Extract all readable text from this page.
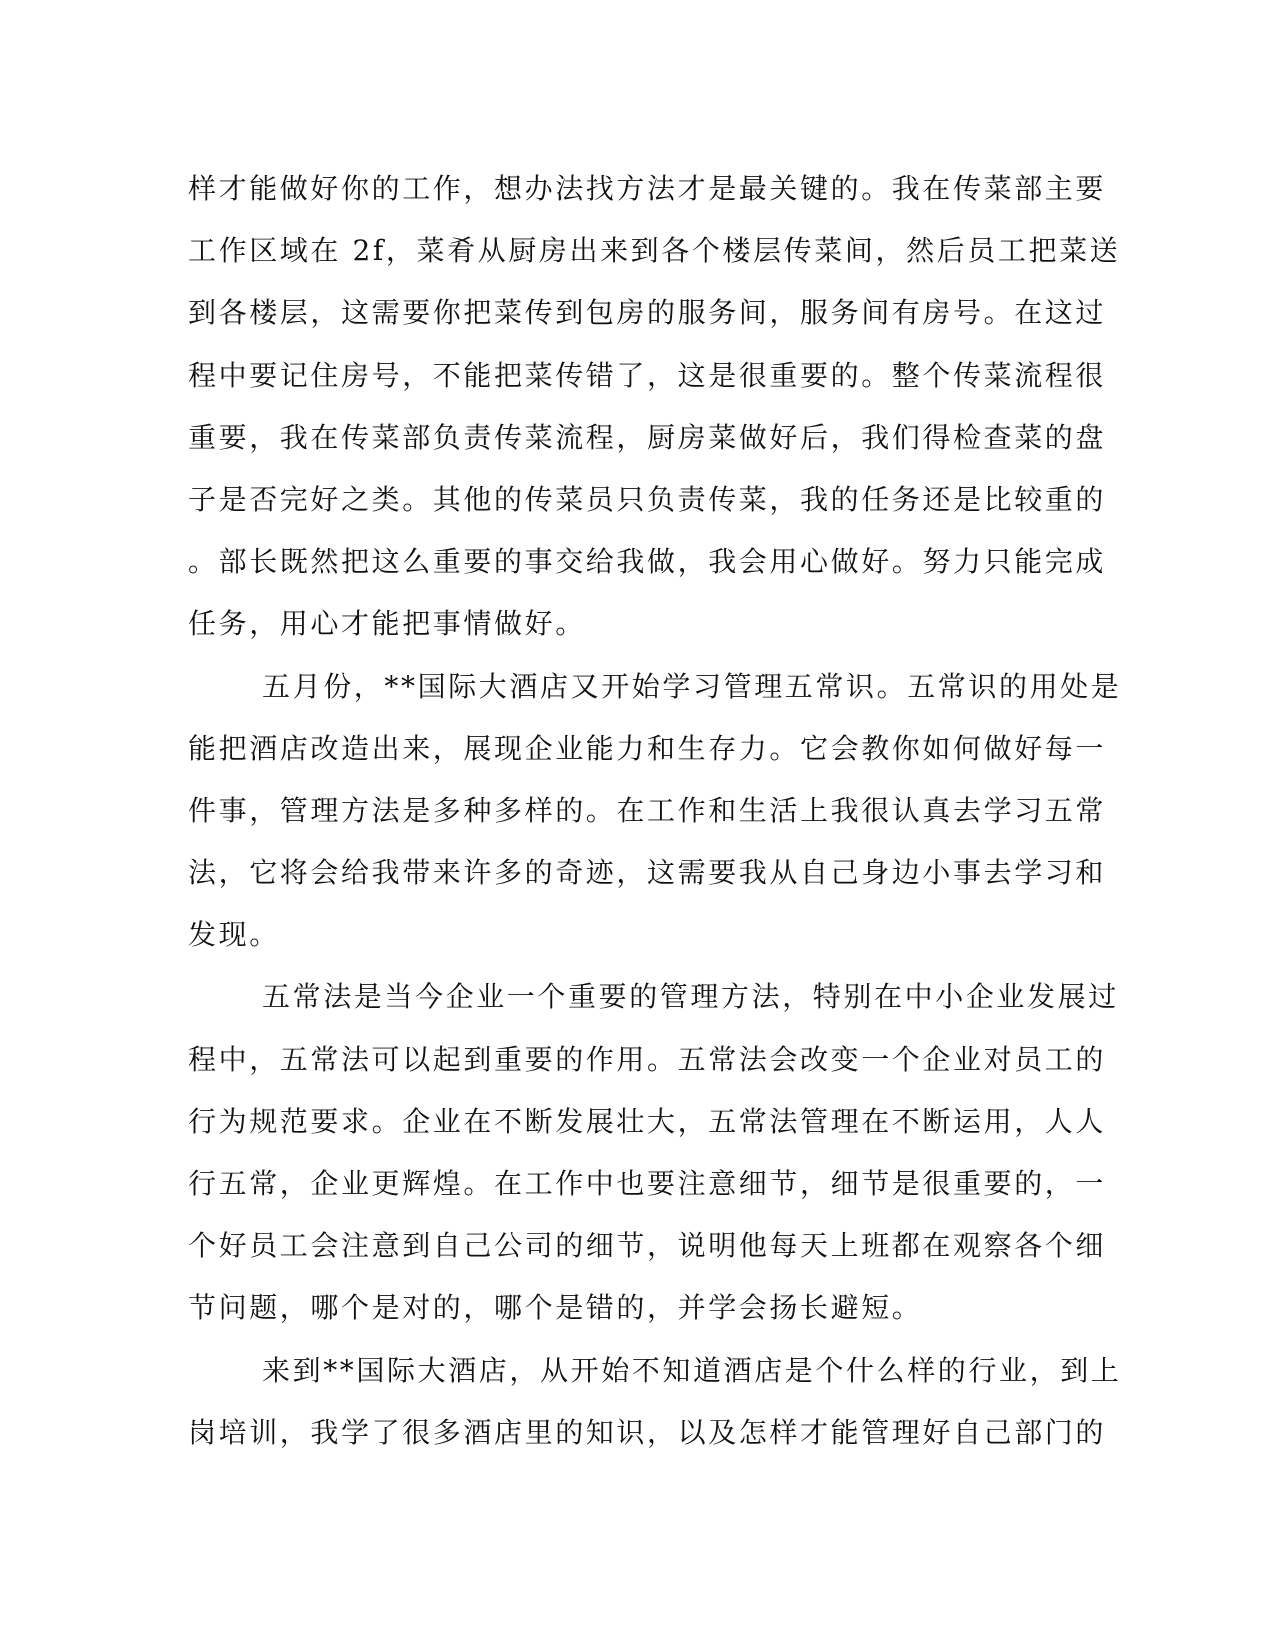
样才能做好你的工作，想办法找方法才是最关键的。我在传菜部主要
工作区域在 2f，菜肴从厨房出来到各个楼层传菜间，然后员工把菜送
到各楼层，这需要你把菜传到包房的服务间，服务间有房号。在这过
程中要记住房号，不能把菜传错了，这是很重要的。整个传菜流程很
重要，我在传菜部负责传菜流程，厨房菜做好后，我们得检查菜的盘
子是否完好之类。其他的传菜员只负责传菜，我的任务还是比较重的
。部长既然把这么重要的事交给我做，我会用心做好。努力只能完成
任务，用心才能把事情做好。
五月份，**国际大酒店又开始学习管理五常识。五常识的用处是
能把酒店改造出来，展现企业能力和生存力。它会教你如何做好每一
件事，管理方法是多种多样的。在工作和生活上我很认真去学习五常
法，它将会给我带来许多的奇迹，这需要我从自己身边小事去学习和
发现。
五常法是当今企业一个重要的管理方法，特别在中小企业发展过
程中，五常法可以起到重要的作用。五常法会改变一个企业对员工的
行为规范要求。企业在不断发展壮大，五常法管理在不断运用，人人
行五常，企业更辉煌。在工作中也要注意细节，细节是很重要的，一
个好员工会注意到自己公司的细节，说明他每天上班都在观察各个细
节问题，哪个是对的，哪个是错的，并学会扬长避短。
来到**国际大酒店，从开始不知道酒店是个什么样的行业，到上
岗培训，我学了很多酒店里的知识，以及怎样才能管理好自己部门的
